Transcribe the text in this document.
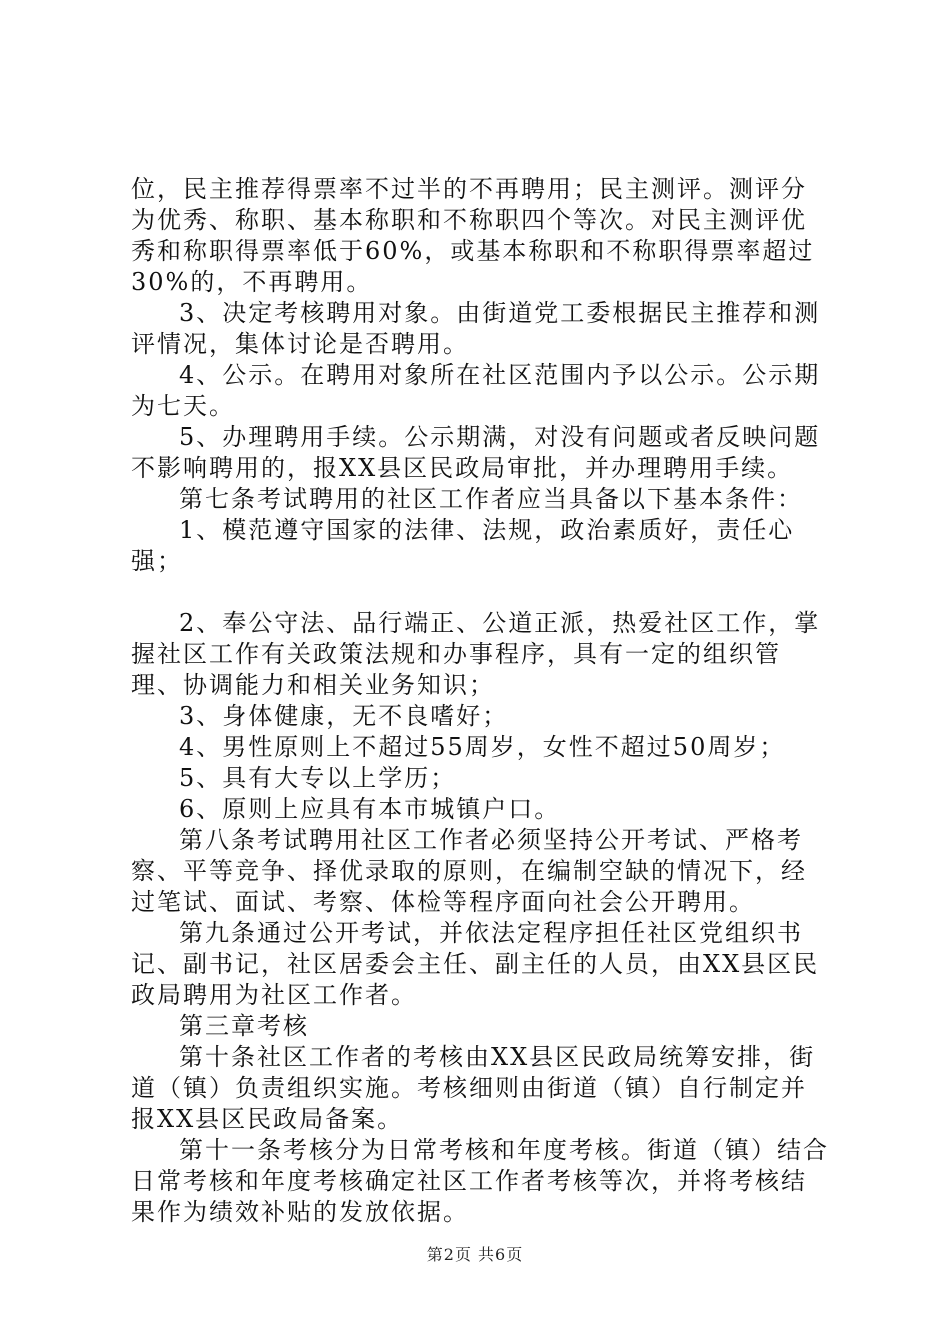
位，民主推荐得票率不过半的不再聘用；民主测评。测评分为优秀、称职、基本称职和不称职四个等次。对民主测评优秀和称职得票率低于60%，或基本称职和不称职得票率超过30%的，不再聘用。

3、决定考核聘用对象。由街道党工委根据民主推荐和测评情况，集体讨论是否聘用。

4、公示。在聘用对象所在社区范围内予以公示。公示期为七天。

5、办理聘用手续。公示期满，对没有问题或者反映问题不影响聘用的，报XX县区民政局审批，并办理聘用手续。

第七条考试聘用的社区工作者应当具备以下基本条件：

1、模范遵守国家的法律、法规，政治素质好，责任心强；

2、奉公守法、品行端正、公道正派，热爱社区工作，掌握社区工作有关政策法规和办事程序，具有一定的组织管理、协调能力和相关业务知识；

3、身体健康，无不良嗜好；

4、男性原则上不超过55周岁，女性不超过50周岁；

5、具有大专以上学历；

6、原则上应具有本市城镇户口。

第八条考试聘用社区工作者必须坚持公开考试、严格考察、平等竞争、择优录取的原则，在编制空缺的情况下，经过笔试、面试、考察、体检等程序面向社会公开聘用。

第九条通过公开考试，并依法定程序担任社区党组织书记、副书记，社区居委会主任、副主任的人员，由XX县区民政局聘用为社区工作者。

第三章考核

第十条社区工作者的考核由XX县区民政局统筹安排，街道（镇）负责组织实施。考核细则由街道（镇）自行制定并报XX县区民政局备案。

第十一条考核分为日常考核和年度考核。街道（镇）结合日常考核和年度考核确定社区工作者考核等次，并将考核结果作为绩效补贴的发放依据。

第2页 共6页
